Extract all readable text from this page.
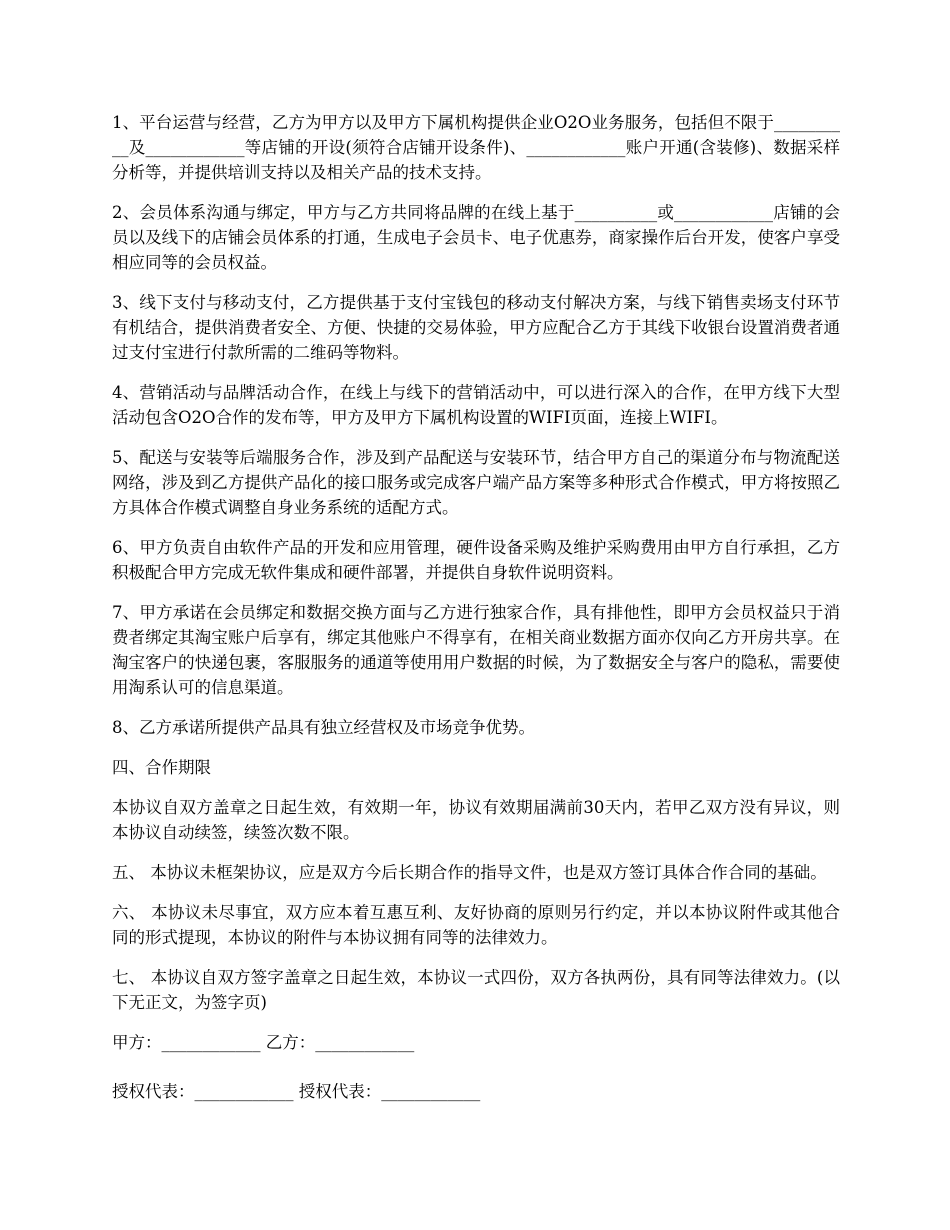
1、平台运营与经营，乙方为甲方以及甲方下属机构提供企业O2O业务服务，包括但不限于__________及____________等店铺的开设(须符合店铺开设条件)、____________账户开通(含装修)、数据采样分析等，并提供培训支持以及相关产品的技术支持。

2、会员体系沟通与绑定，甲方与乙方共同将品牌的在线上基于__________或____________店铺的会员以及线下的店铺会员体系的打通，生成电子会员卡、电子优惠券，商家操作后台开发，使客户享受相应同等的会员权益。

3、线下支付与移动支付，乙方提供基于支付宝钱包的移动支付解决方案，与线下销售卖场支付环节有机结合，提供消费者安全、方便、快捷的交易体验，甲方应配合乙方于其线下收银台设置消费者通过支付宝进行付款所需的二维码等物料。

4、营销活动与品牌活动合作，在线上与线下的营销活动中，可以进行深入的合作，在甲方线下大型活动包含O2O合作的发布等，甲方及甲方下属机构设置的WIFI页面，连接上WIFI。

5、配送与安装等后端服务合作，涉及到产品配送与安装环节，结合甲方自己的渠道分布与物流配送网络，涉及到乙方提供产品化的接口服务或完成客户端产品方案等多种形式合作模式，甲方将按照乙方具体合作模式调整自身业务系统的适配方式。

6、甲方负责自由软件产品的开发和应用管理，硬件设备采购及维护采购费用由甲方自行承担，乙方积极配合甲方完成无软件集成和硬件部署，并提供自身软件说明资料。

7、甲方承诺在会员绑定和数据交换方面与乙方进行独家合作，具有排他性，即甲方会员权益只于消费者绑定其淘宝账户后享有，绑定其他账户不得享有，在相关商业数据方面亦仅向乙方开房共享。在淘宝客户的快递包裹，客服服务的通道等使用用户数据的时候，为了数据安全与客户的隐私，需要使用淘系认可的信息渠道。

8、乙方承诺所提供产品具有独立经营权及市场竞争优势。

四、合作期限

本协议自双方盖章之日起生效，有效期一年，协议有效期届满前30天内，若甲乙双方没有异议，则本协议自动续签，续签次数不限。

五、 本协议未框架协议，应是双方今后长期合作的指导文件，也是双方签订具体合作合同的基础。

六、 本协议未尽事宜，双方应本着互惠互利、友好协商的原则另行约定，并以本协议附件或其他合同的形式提现，本协议的附件与本协议拥有同等的法律效力。

七、 本协议自双方签字盖章之日起生效，本协议一式四份，双方各执两份，具有同等法律效力。(以下无正文，为签字页)

甲方：____________ 乙方：____________

授权代表：____________ 授权代表：____________
